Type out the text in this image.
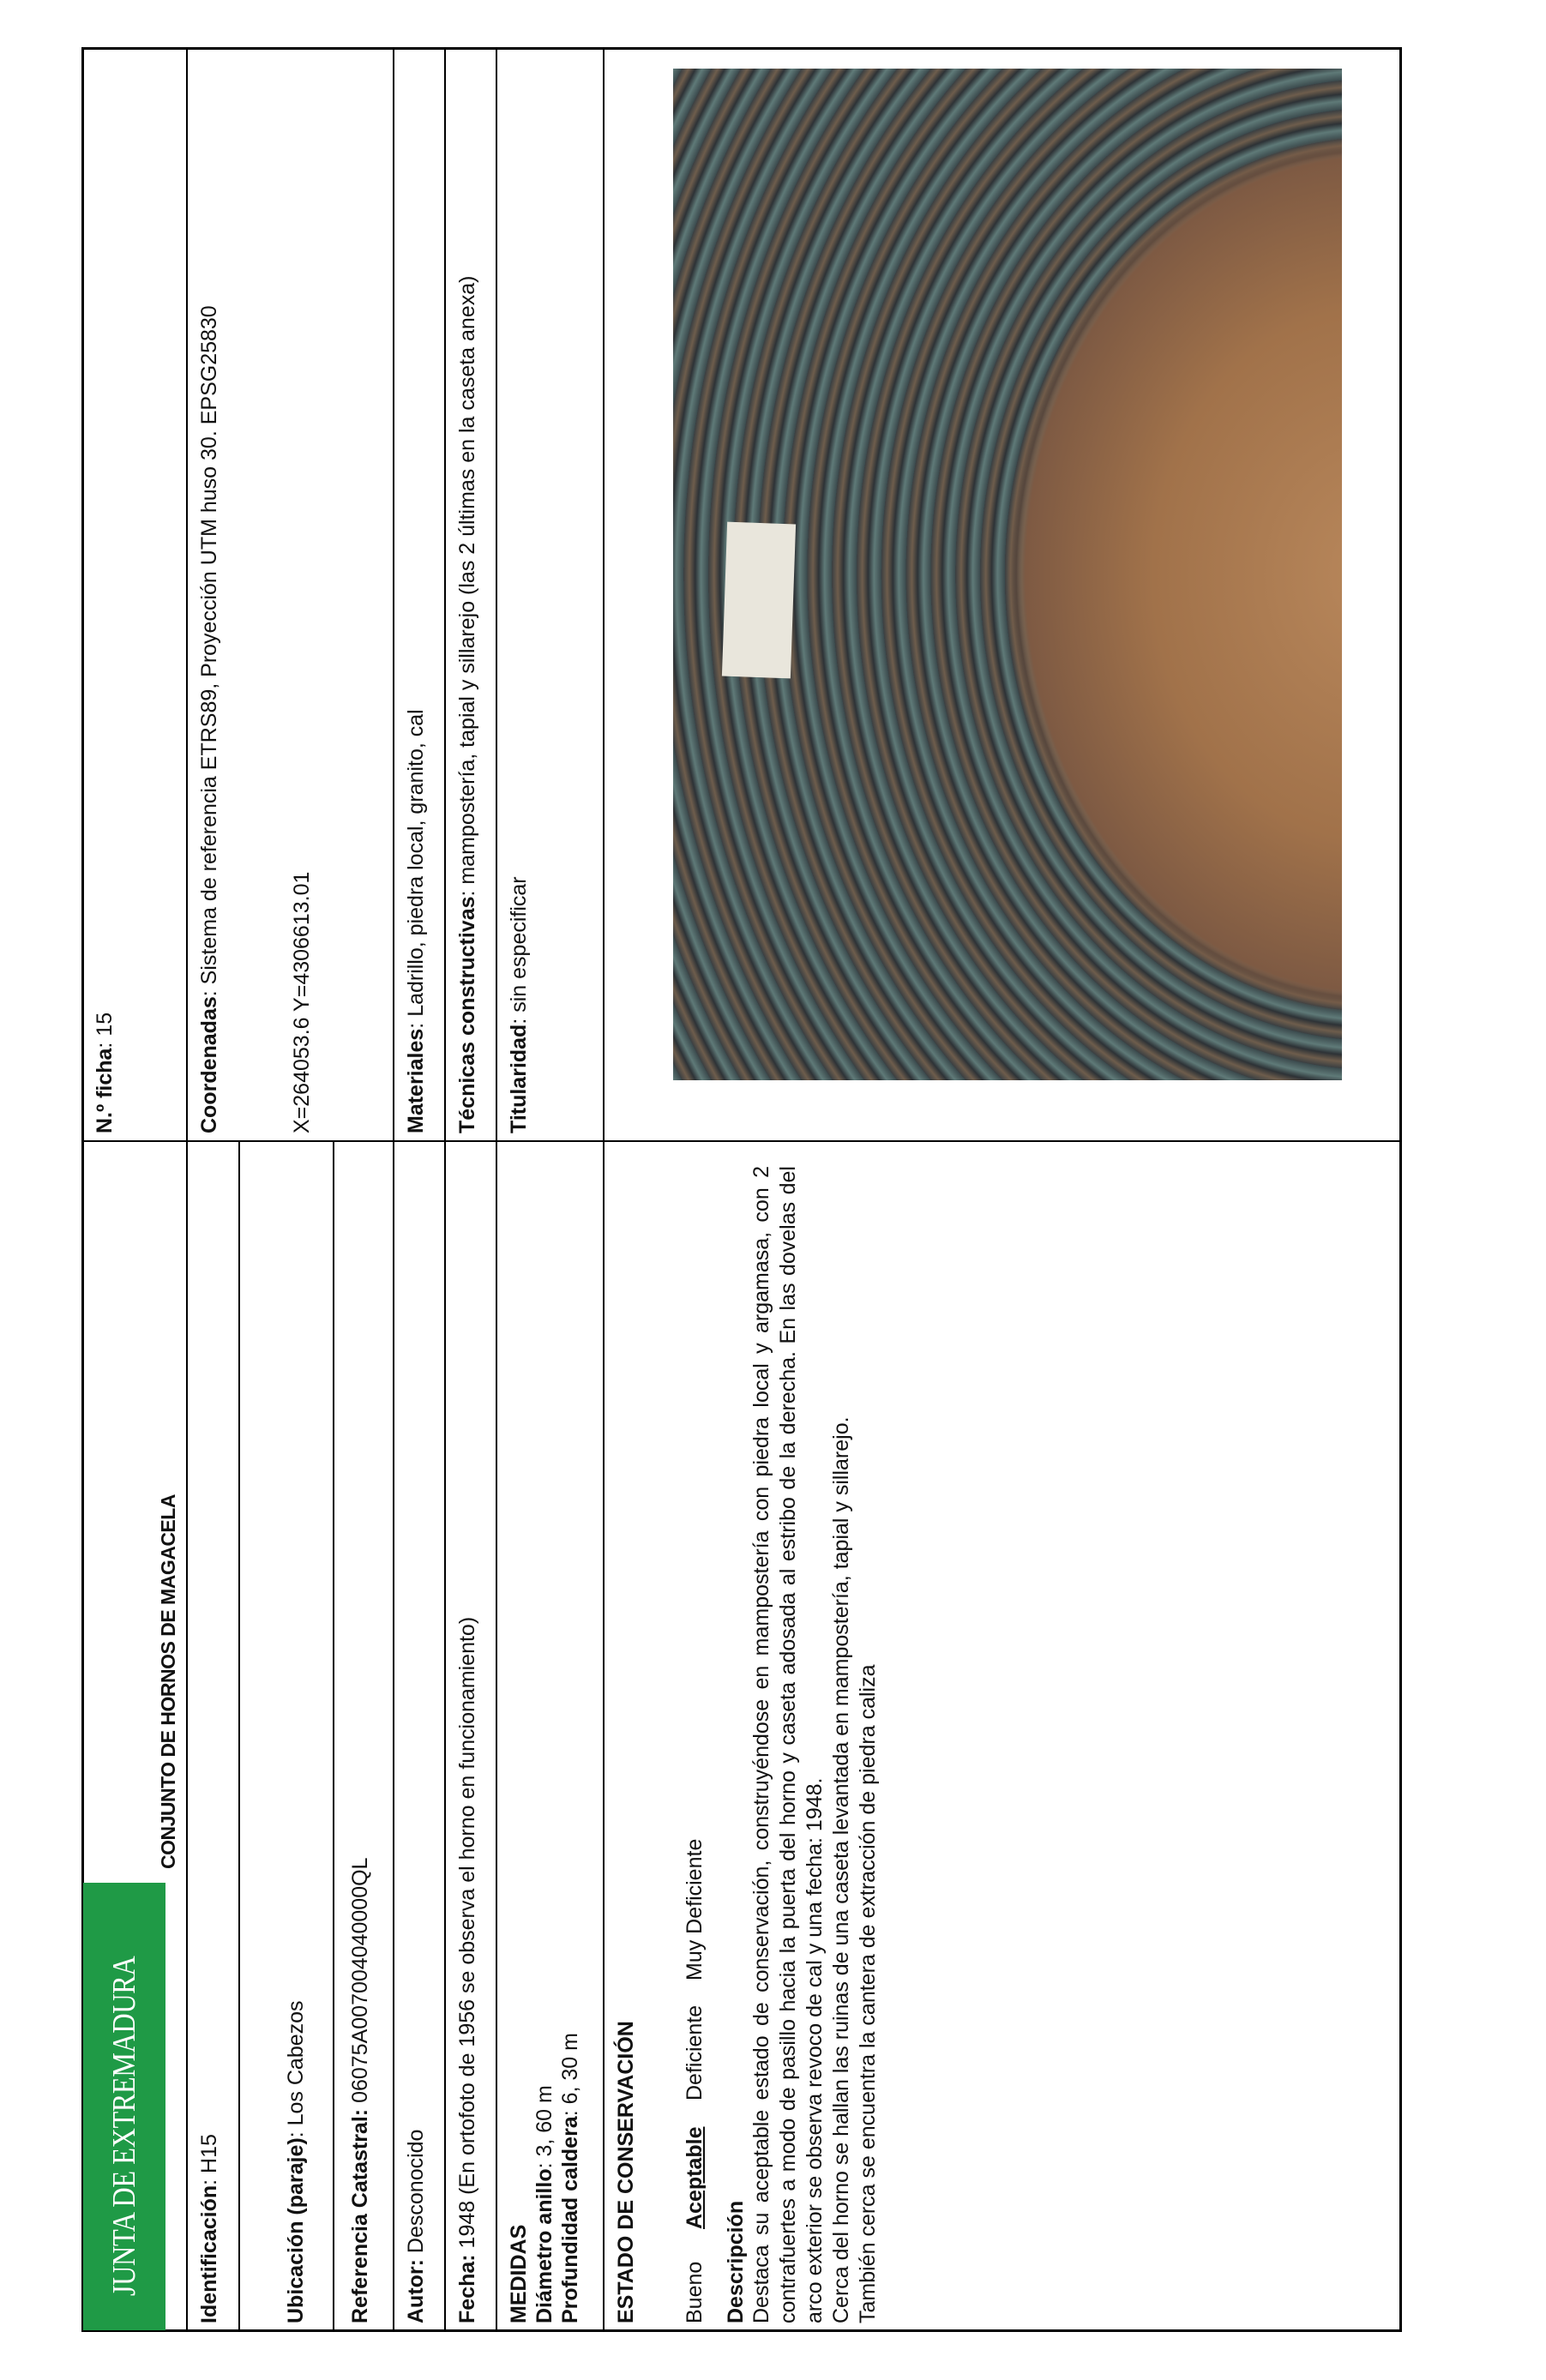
JUNTA DE EXTREMADURA
CONJUNTO DE HORNOS DE MAGACELA
N.º ficha: 15
Identificación: H15
Coordenadas: Sistema de referencia ETRS89, Proyección UTM huso 30. EPSG25830
Ubicación (paraje): Los Cabezos
X=264053.6 Y=4306613.01
Referencia Catastral: 06075A007004040000QL
Autor: Desconocido
Materiales: Ladrillo, piedra local, granito, cal
Fecha: 1948 (En ortofoto de 1956 se observa el horno en funcionamiento)
Técnicas constructivas: mampostería, tapial y sillarejo (las 2 últimas en la caseta anexa)
MEDIDAS Diámetro anillo: 3, 60 m Profundidad caldera: 6, 30 m
Titularidad: sin especificar
ESTADO DE CONSERVACIÓN Bueno
Aceptable
Deficiente
Muy Deficiente
Descripción Destaca su aceptable estado de conservación, construyéndose en mampostería con piedra local y argamasa, con 2 contrafuertes a modo de pasillo hacia la puerta del horno y caseta adosada al estribo de la derecha. En las dovelas del arco exterior se observa revoco de cal y una fecha: 1948. Cerca del horno se hallan las ruinas de una caseta levantada en mampostería, tapial y sillarejo. También cerca se encuentra la cantera de extracción de piedra caliza
